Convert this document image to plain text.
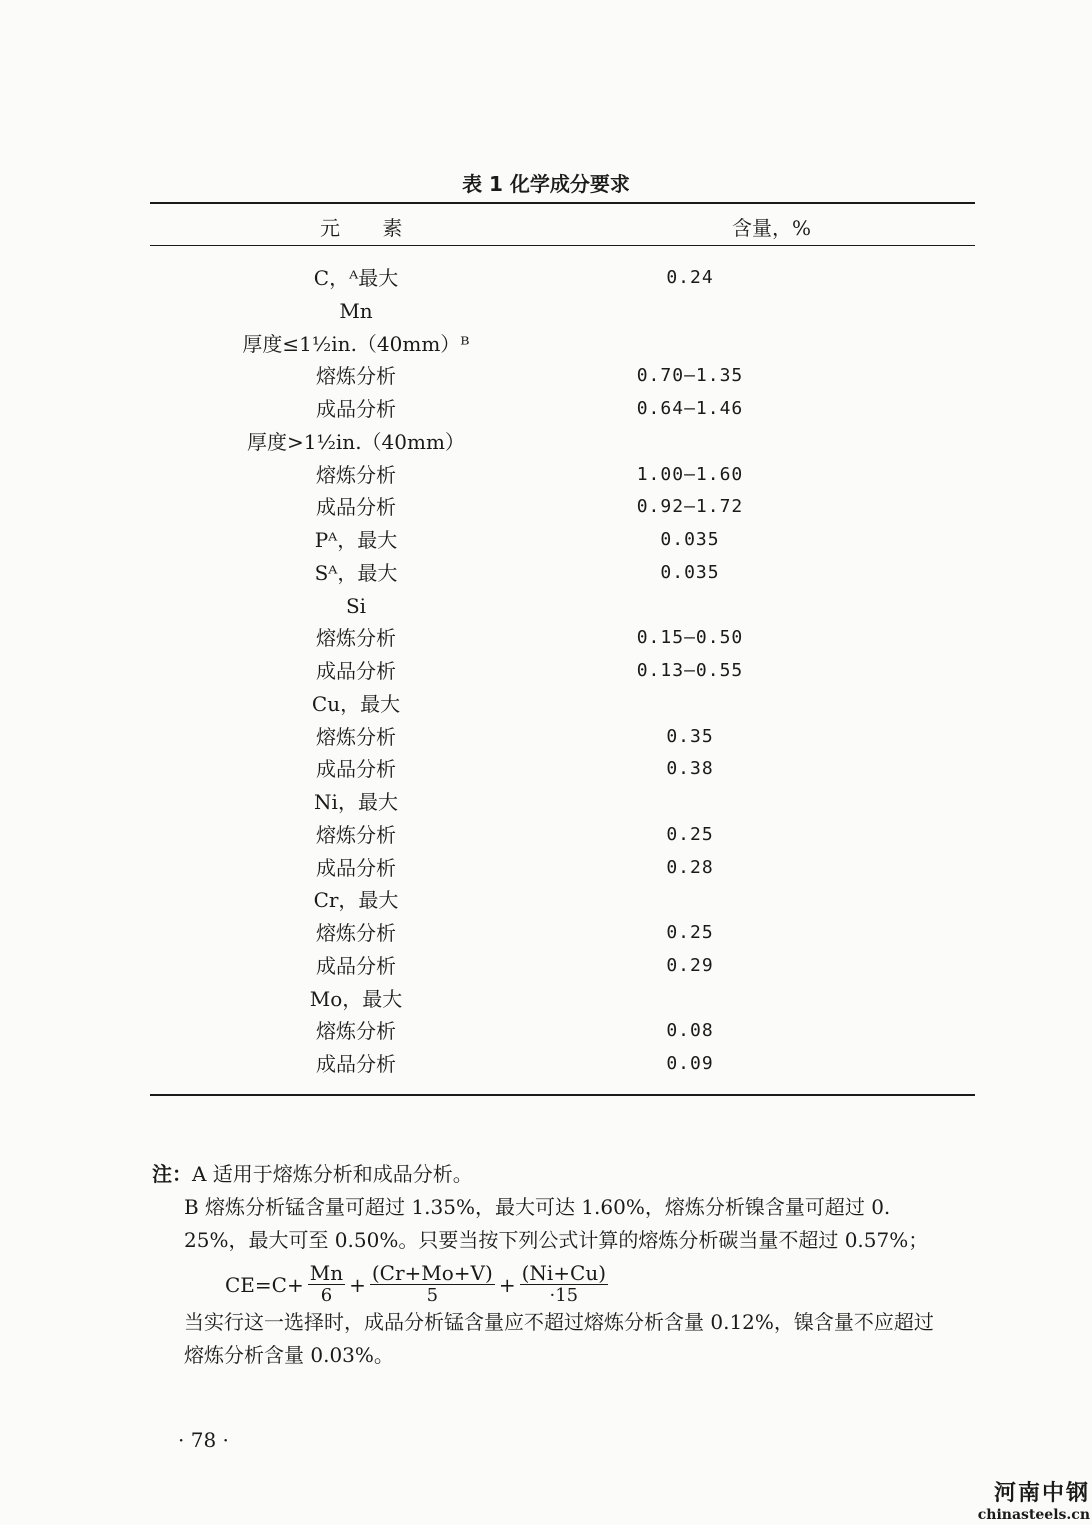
表 1 化学成分要求
元 素	含量，%
C，ᴬ最大	0.24
Mn
厚度≤1½in.（40mm）ᴮ
熔炼分析	0.70—1.35
成品分析	0.64—1.46
厚度>1½in.（40mm）
熔炼分析	1.00—1.60
成品分析	0.92—1.72
Pᴬ，最大	0.035
Sᴬ，最大	0.035
Si
熔炼分析	0.15—0.50
成品分析	0.13—0.55
Cu，最大
熔炼分析	0.35
成品分析	0.38
Ni，最大
熔炼分析	0.25
成品分析	0.28
Cr，最大
熔炼分析	0.25
成品分析	0.29
Mo，最大
熔炼分析	0.08
成品分析	0.09

注：A 适用于熔炼分析和成品分析。

B 熔炼分析锰含量可超过 1.35%，最大可达 1.60%，熔炼分析镍含量可超过 0.

25%，最大可至 0.50%。只要当按下列公式计算的熔炼分析碳当量不超过 0.57%；

$CE=C+ \frac{Mn}{6} + \frac{(Cr+Mo+V)}{5} + \frac{(Ni+Cu)}{\cdot 15}$

当实行这一选择时，成品分析锰含量应不超过熔炼分析含量 0.12%，镍含量不应超过

熔炼分析含量 0.03%。

· 78 ·
河南中钢
chinasteels.cn
